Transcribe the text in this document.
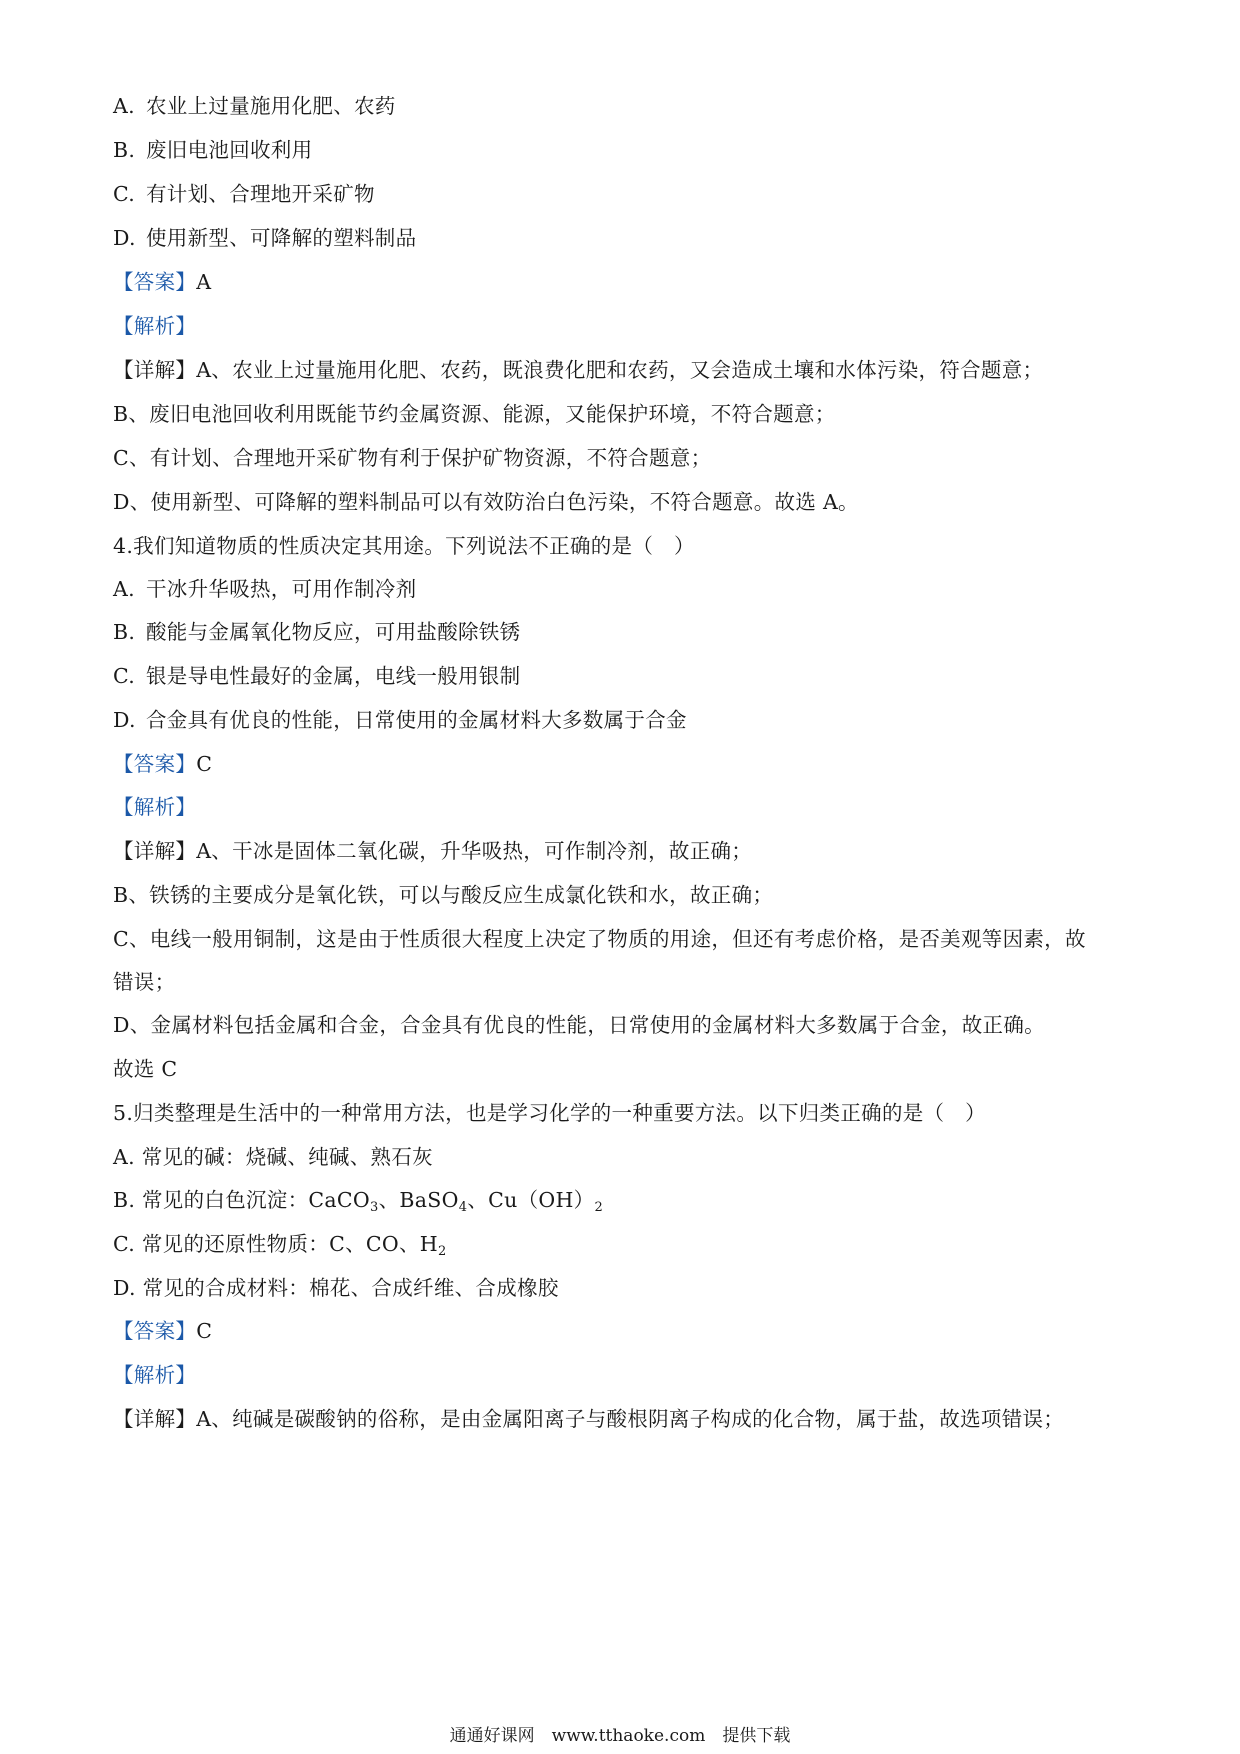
A. 农业上过量施用化肥、农药
B. 废旧电池回收利用
C. 有计划、合理地开采矿物
D. 使用新型、可降解的塑料制品
【答案】A
【解析】
【详解】A、农业上过量施用化肥、农药，既浪费化肥和农药，又会造成土壤和水体污染，符合题意；
B、废旧电池回收利用既能节约金属资源、能源，又能保护环境，不符合题意；
C、有计划、合理地开采矿物有利于保护矿物资源，不符合题意；
D、使用新型、可降解的塑料制品可以有效防治白色污染，不符合题意。故选 A。
4.我们知道物质的性质决定其用途。下列说法不正确的是（　）
A. 干冰升华吸热，可用作制冷剂
B. 酸能与金属氧化物反应，可用盐酸除铁锈
C. 银是导电性最好的金属，电线一般用银制
D. 合金具有优良的性能，日常使用的金属材料大多数属于合金
【答案】C
【解析】
【详解】A、干冰是固体二氧化碳，升华吸热，可作制冷剂，故正确；
B、铁锈的主要成分是氧化铁，可以与酸反应生成氯化铁和水，故正确；
C、电线一般用铜制，这是由于性质很大程度上决定了物质的用途，但还有考虑价格，是否美观等因素，故
错误；
D、金属材料包括金属和合金，合金具有优良的性能，日常使用的金属材料大多数属于合金，故正确。
故选 C
5.归类整理是生活中的一种常用方法，也是学习化学的一种重要方法。以下归类正确的是（　）
A. 常见的碱：烧碱、纯碱、熟石灰
B. 常见的白色沉淀：CaCO$_3$、BaSO$_4$、$Cu(OH)_2$
C. 常见的还原性物质：C、CO、$H_2$
D. 常见的合成材料：棉花、合成纤维、合成橡胶
【答案】C
【解析】
【详解】A、纯碱是碳酸钠的俗称，是由金属阳离子与酸根阴离子构成的化合物，属于盐，故选项错误；
通通好课网　www.tthaoke.com　提供下载
